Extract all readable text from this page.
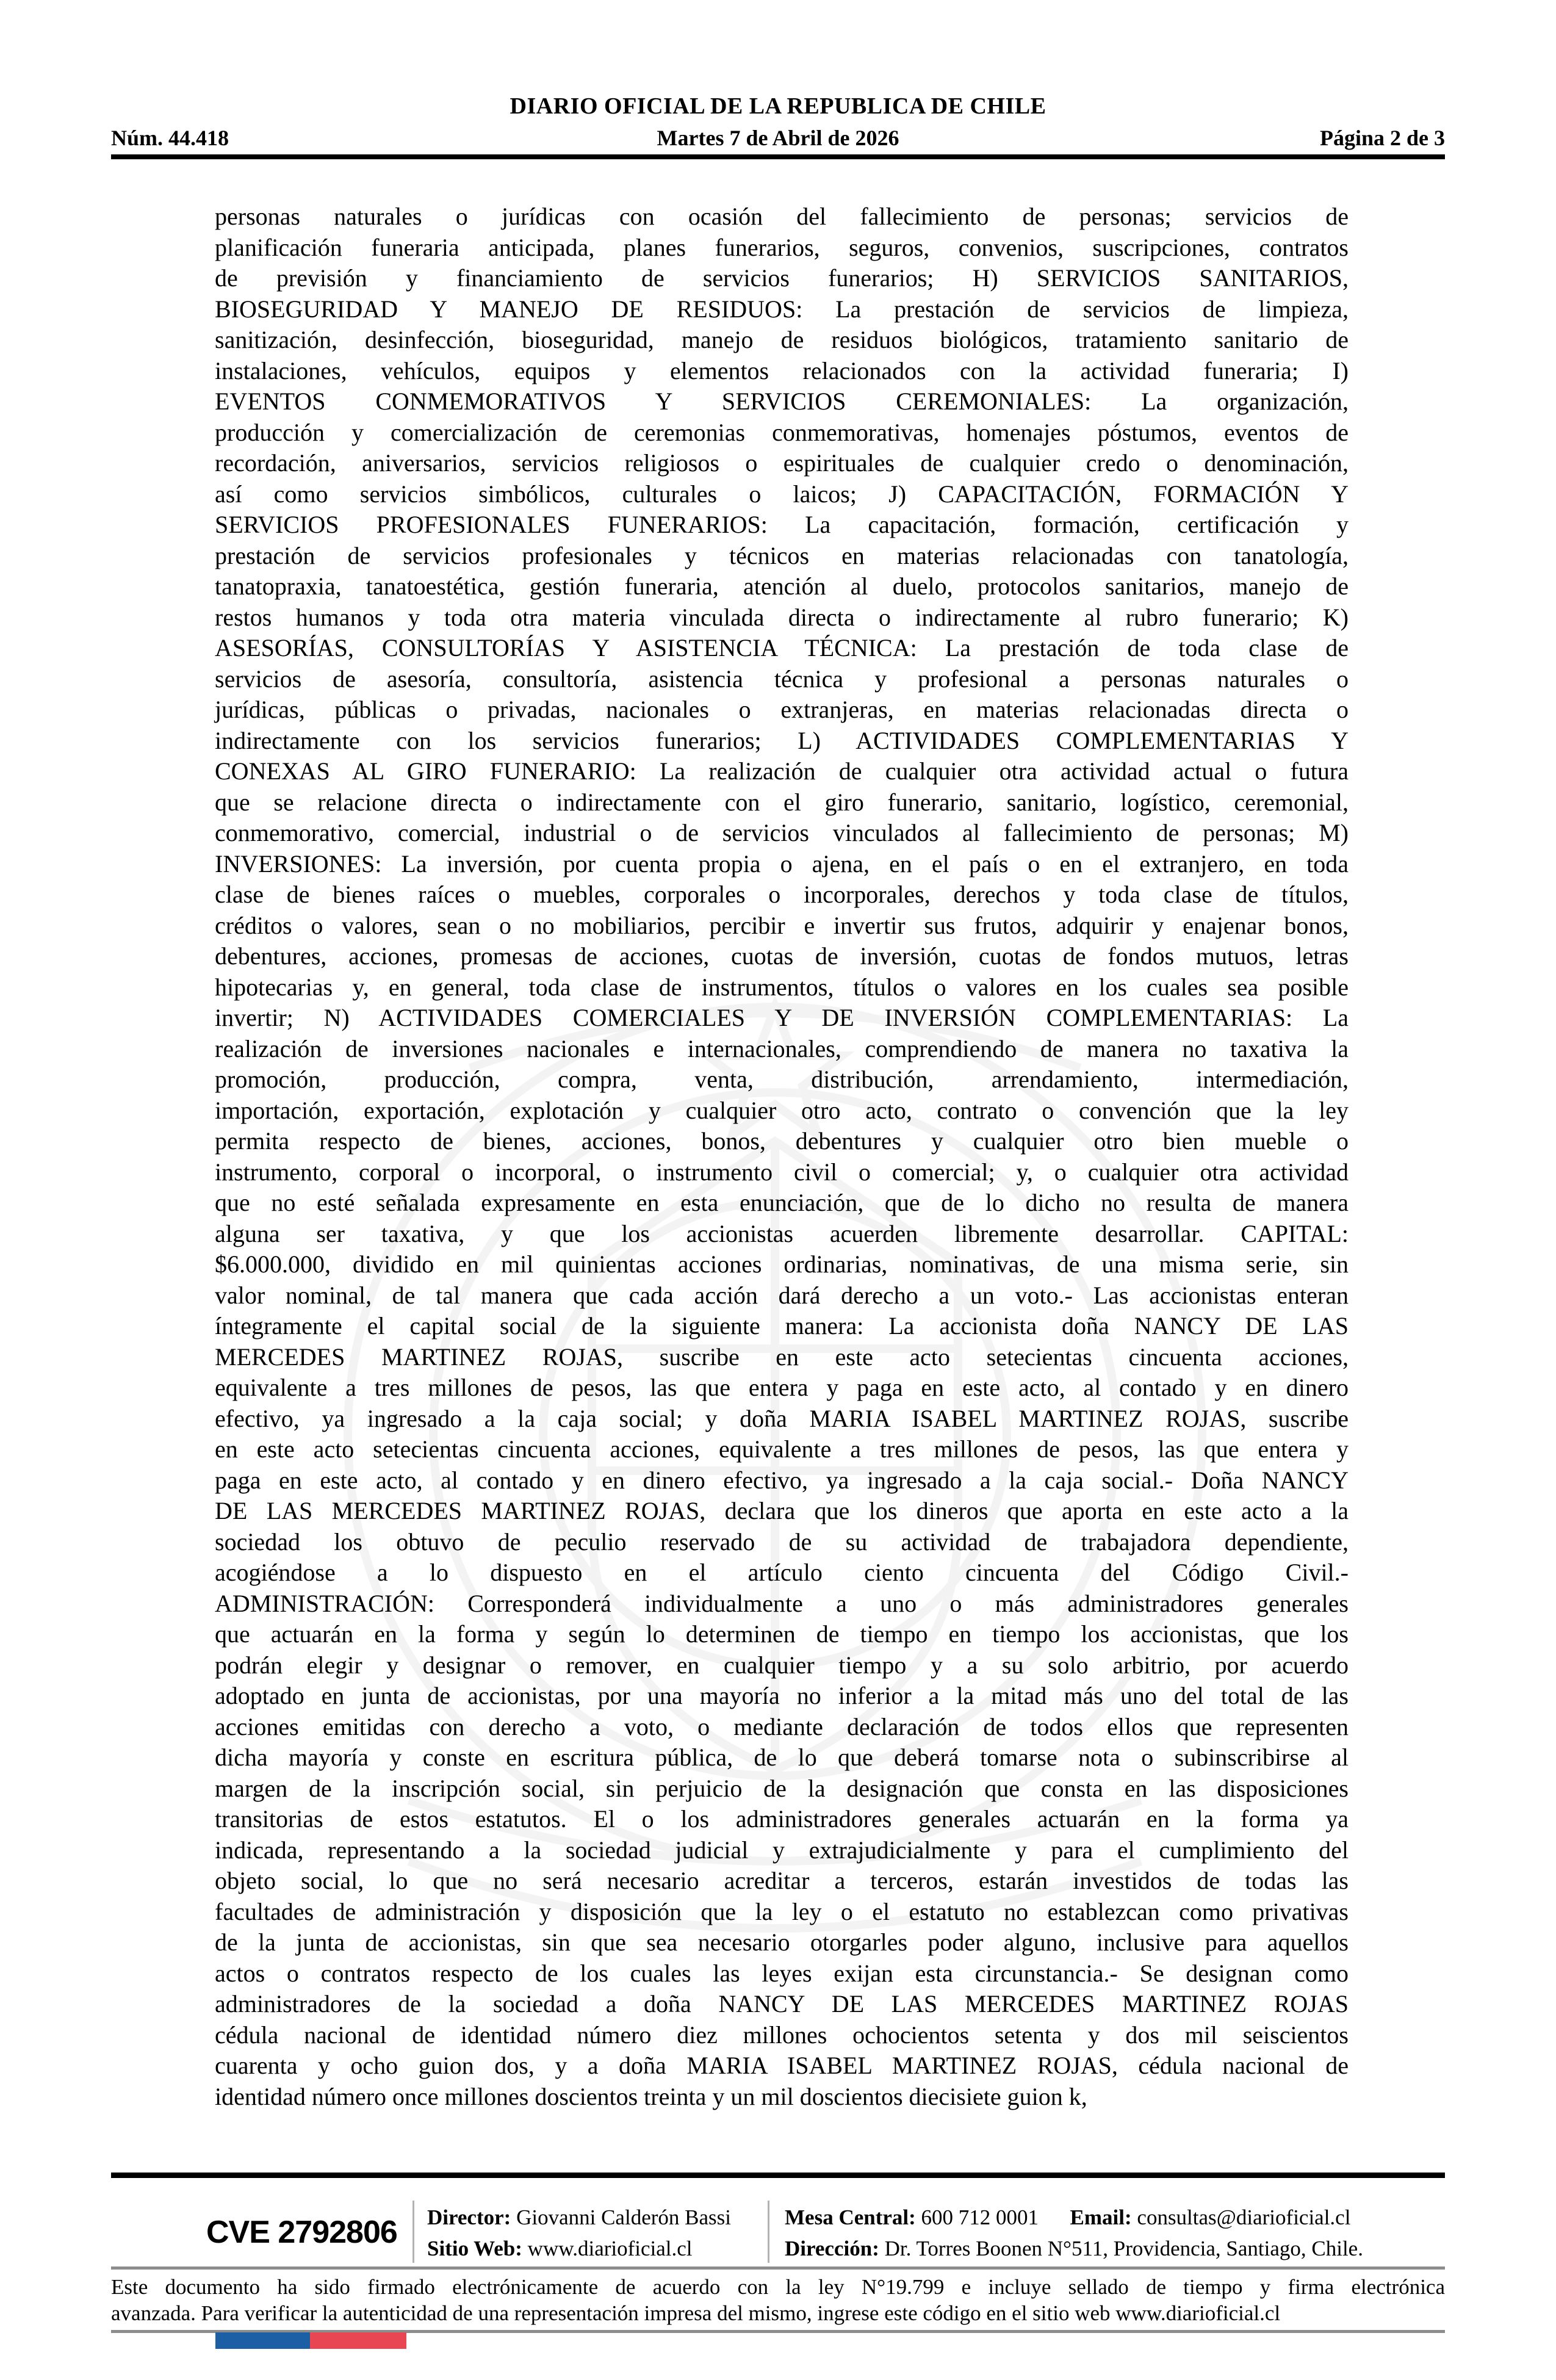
DIARIO OFICIAL DE LA REPUBLICA DE CHILE
Núm. 44.418	Martes 7 de Abril de 2026	Página 2 de 3
personas naturales o jurídicas con ocasión del fallecimiento de personas; servicios de
planificación funeraria anticipada, planes funerarios, seguros, convenios, suscripciones, contratos
de previsión y financiamiento de servicios funerarios; H) SERVICIOS SANITARIOS,
BIOSEGURIDAD Y MANEJO DE RESIDUOS: La prestación de servicios de limpieza,
sanitización, desinfección, bioseguridad, manejo de residuos biológicos, tratamiento sanitario de
instalaciones, vehículos, equipos y elementos relacionados con la actividad funeraria; I)
EVENTOS CONMEMORATIVOS Y SERVICIOS CEREMONIALES: La organización,
producción y comercialización de ceremonias conmemorativas, homenajes póstumos, eventos de
recordación, aniversarios, servicios religiosos o espirituales de cualquier credo o denominación,
así como servicios simbólicos, culturales o laicos; J) CAPACITACIÓN, FORMACIÓN Y
SERVICIOS PROFESIONALES FUNERARIOS: La capacitación, formación, certificación y
prestación de servicios profesionales y técnicos en materias relacionadas con tanatología,
tanatopraxia, tanatoestética, gestión funeraria, atención al duelo, protocolos sanitarios, manejo de
restos humanos y toda otra materia vinculada directa o indirectamente al rubro funerario; K)
ASESORÍAS, CONSULTORÍAS Y ASISTENCIA TÉCNICA: La prestación de toda clase de
servicios de asesoría, consultoría, asistencia técnica y profesional a personas naturales o
jurídicas, públicas o privadas, nacionales o extranjeras, en materias relacionadas directa o
indirectamente con los servicios funerarios; L) ACTIVIDADES COMPLEMENTARIAS Y
CONEXAS AL GIRO FUNERARIO: La realización de cualquier otra actividad actual o futura
que se relacione directa o indirectamente con el giro funerario, sanitario, logístico, ceremonial,
conmemorativo, comercial, industrial o de servicios vinculados al fallecimiento de personas; M)
INVERSIONES: La inversión, por cuenta propia o ajena, en el país o en el extranjero, en toda
clase de bienes raíces o muebles, corporales o incorporales, derechos y toda clase de títulos,
créditos o valores, sean o no mobiliarios, percibir e invertir sus frutos, adquirir y enajenar bonos,
debentures, acciones, promesas de acciones, cuotas de inversión, cuotas de fondos mutuos, letras
hipotecarias y, en general, toda clase de instrumentos, títulos o valores en los cuales sea posible
invertir; N) ACTIVIDADES COMERCIALES Y DE INVERSIÓN COMPLEMENTARIAS: La
realización de inversiones nacionales e internacionales, comprendiendo de manera no taxativa la
promoción, producción, compra, venta, distribución, arrendamiento, intermediación,
importación, exportación, explotación y cualquier otro acto, contrato o convención que la ley
permita respecto de bienes, acciones, bonos, debentures y cualquier otro bien mueble o
instrumento, corporal o incorporal, o instrumento civil o comercial; y, o cualquier otra actividad
que no esté señalada expresamente en esta enunciación, que de lo dicho no resulta de manera
alguna ser taxativa, y que los accionistas acuerden libremente desarrollar. CAPITAL:
$6.000.000, dividido en mil quinientas acciones ordinarias, nominativas, de una misma serie, sin
valor nominal, de tal manera que cada acción dará derecho a un voto.- Las accionistas enteran
íntegramente el capital social de la siguiente manera: La accionista doña NANCY DE LAS
MERCEDES MARTINEZ ROJAS, suscribe en este acto setecientas cincuenta acciones,
equivalente a tres millones de pesos, las que entera y paga en este acto, al contado y en dinero
efectivo, ya ingresado a la caja social; y doña MARIA ISABEL MARTINEZ ROJAS, suscribe
en este acto setecientas cincuenta acciones, equivalente a tres millones de pesos, las que entera y
paga en este acto, al contado y en dinero efectivo, ya ingresado a la caja social.- Doña NANCY
DE LAS MERCEDES MARTINEZ ROJAS, declara que los dineros que aporta en este acto a la
sociedad los obtuvo de peculio reservado de su actividad de trabajadora dependiente,
acogiéndose a lo dispuesto en el artículo ciento cincuenta del Código Civil.-
ADMINISTRACIÓN: Corresponderá individualmente a uno o más administradores generales
que actuarán en la forma y según lo determinen de tiempo en tiempo los accionistas, que los
podrán elegir y designar o remover, en cualquier tiempo y a su solo arbitrio, por acuerdo
adoptado en junta de accionistas, por una mayoría no inferior a la mitad más uno del total de las
acciones emitidas con derecho a voto, o mediante declaración de todos ellos que representen
dicha mayoría y conste en escritura pública, de lo que deberá tomarse nota o subinscribirse al
margen de la inscripción social, sin perjuicio de la designación que consta en las disposiciones
transitorias de estos estatutos. El o los administradores generales actuarán en la forma ya
indicada, representando a la sociedad judicial y extrajudicialmente y para el cumplimiento del
objeto social, lo que no será necesario acreditar a terceros, estarán investidos de todas las
facultades de administración y disposición que la ley o el estatuto no establezcan como privativas
de la junta de accionistas, sin que sea necesario otorgarles poder alguno, inclusive para aquellos
actos o contratos respecto de los cuales las leyes exijan esta circunstancia.- Se designan como
administradores de la sociedad a doña NANCY DE LAS MERCEDES MARTINEZ ROJAS
cédula nacional de identidad número diez millones ochocientos setenta y dos mil seiscientos
cuarenta y ocho guion dos, y a doña MARIA ISABEL MARTINEZ ROJAS, cédula nacional de
identidad número once millones doscientos treinta y un mil doscientos diecisiete guion k,
CVE 2792806 Director: Giovanni Calderón Bassi
Sitio Web: www.diarioficial.cl
Mesa Central: 600 712 0001 Email: consultas@diarioficial.cl
Dirección: Dr. Torres Boonen N°511, Providencia, Santiago, Chile.
Este documento ha sido firmado electrónicamente de acuerdo con la ley N°19.799 e incluye sellado de tiempo y firma electrónica
avanzada. Para verificar la autenticidad de una representación impresa del mismo, ingrese este código en el sitio web www.diarioficial.cl
